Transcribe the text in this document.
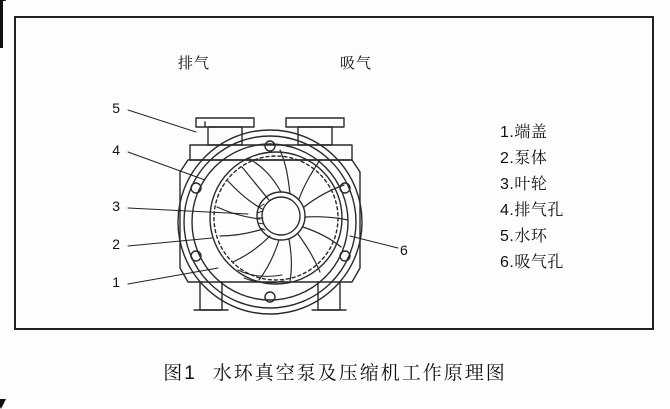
排气	吸气
5
4
3
2
1
6
1.端盖
2.泵体
3.叶轮
4.排气孔
5.水环
6.吸气孔
图1 水环真空泵及压缩机工作原理图
